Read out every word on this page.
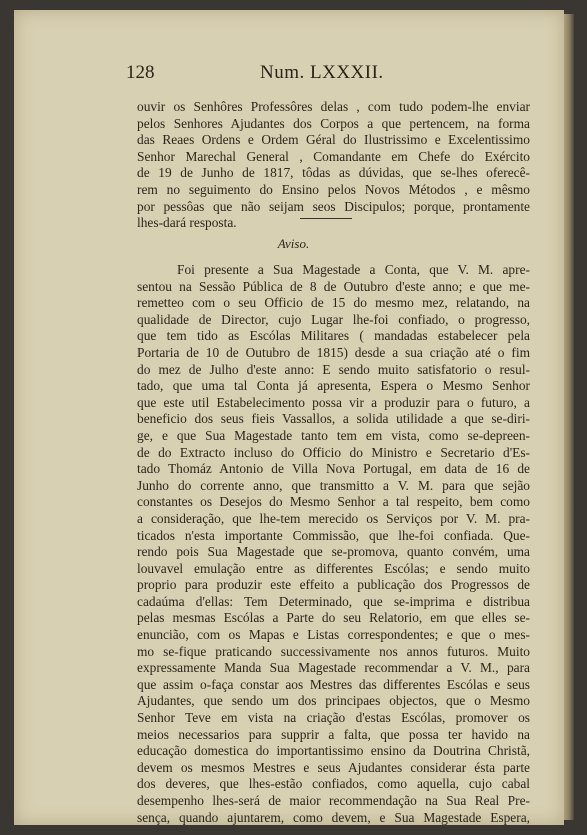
128	Num. LXXXII.
ouvir os Senhôres Professôres delas , com tudo podem-lhe enviar
pelos Senhores Ajudantes dos Corpos a que pertencem, na forma
das Reaes Ordens e Ordem Géral do Ilustrissimo e Excelentissimo
Senhor Marechal General , Comandante em Chefe do Exército
de 19 de Junho de 1817, tôdas as dúvidas, que se-lhes oferecê-
rem no seguimento do Ensino pelos Novos Métodos , e mêsmo
por pessôas que não seijam seos Discipulos; porque, prontamente
lhes-dará resposta.
Aviso.
Foi presente a Sua Magestade a Conta, que V. M. apre-
sentou na Sessão Pública de 8 de Outubro d'este anno; e que me-
remetteo com o seu Officio de 15 do mesmo mez, relatando, na
qualidade de Director, cujo Lugar lhe-foi confiado, o progresso,
que tem tido as Escólas Militares ( mandadas estabelecer pela
Portaria de 10 de Outubro de 1815) desde a sua criação até o fim
do mez de Julho d'este anno: E sendo muito satisfatorio o resul-
tado, que uma tal Conta já apresenta, Espera o Mesmo Senhor
que este util Estabelecimento possa vir a produzir para o futuro, a
beneficio dos seus fieis Vassallos, a solida utilidade a que se-diri-
ge, e que Sua Magestade tanto tem em vista, como se-depreen-
de do Extracto incluso do Officio do Ministro e Secretario d'Es-
tado Thomáz Antonio de Villa Nova Portugal, em data de 16 de
Junho do corrente anno, que transmitto a V. M. para que sejão
constantes os Desejos do Mesmo Senhor a tal respeito, bem como
a consideração, que lhe-tem merecido os Serviços por V. M. pra-
ticados n'esta importante Commissão, que lhe-foi confiada. Que-
rendo pois Sua Magestade que se-promova, quanto convém, uma
louvavel emulação entre as differentes Escólas; e sendo muito
proprio para produzir este effeito a publicação dos Progressos de
cadaúma d'ellas: Tem Determinado, que se-imprima e distribua
pelas mesmas Escólas a Parte do seu Relatorio, em que elles se-
enuncião, com os Mapas e Listas correspondentes; e que o mes-
mo se-fique praticando successivamente nos annos futuros. Muito
expressamente Manda Sua Magestade recommendar a V. M., para
que assim o-faça constar aos Mestres das differentes Escólas e seus
Ajudantes, que sendo um dos principaes objectos, que o Mesmo
Senhor Teve em vista na criação d'estas Escólas, promover os
meios necessarios para supprir a falta, que possa ter havido na
educação domestica do importantissimo ensino da Doutrina Christã,
devem os mesmos Mestres e seus Ajudantes considerar ésta parte
dos deveres, que lhes-estão confiados, como aquella, cujo cabal
desempenho lhes-será de maior recommendação na Sua Real Pre-
sença, quando ajuntarem, como devem, e Sua Magestade Espera,
